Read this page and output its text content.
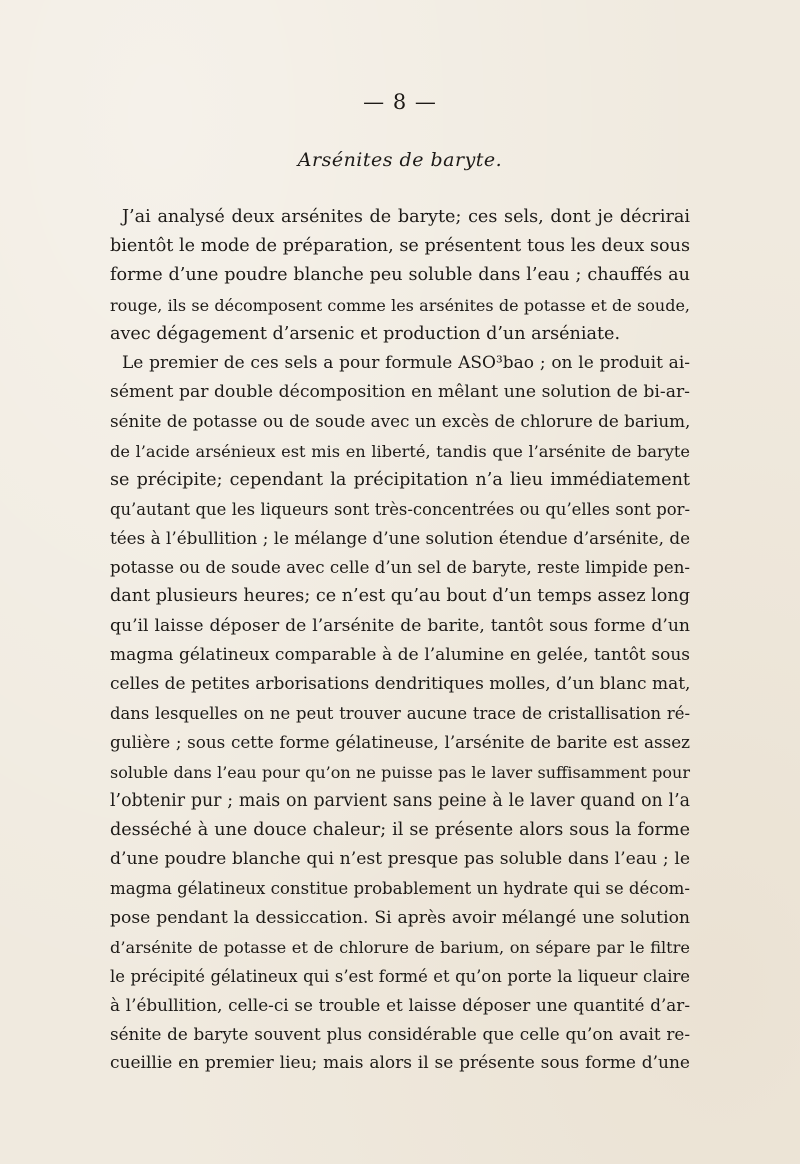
— 8 —
Arsénites de baryte.
J’ai analysé deux arsénites de baryte; ces sels, dont je décrirai
bientôt le mode de préparation, se présentent tous les deux sous
forme d’une poudre blanche peu soluble dans l’eau ; chauffés au
rouge, ils se décomposent comme les arsénites de potasse et de soude,
avec dégagement d’arsenic et production d’un arséniate.
Le premier de ces sels a pour formule ASO³bao ; on le produit ai-
sément par double décomposition en mêlant une solution de bi-ar-
sénite de potasse ou de soude avec un excès de chlorure de barium,
de l’acide arsénieux est mis en liberté, tandis que l’arsénite de baryte
se précipite; cependant la précipitation n’a lieu immédiatement
qu’autant que les liqueurs sont très-concentrées ou qu’elles sont por-
tées à l’ébullition ; le mélange d’une solution étendue d’arsénite, de
potasse ou de soude avec celle d’un sel de baryte, reste limpide pen-
dant plusieurs heures; ce n’est qu’au bout d’un temps assez long
qu’il laisse déposer de l’arsénite de barite, tantôt sous forme d’un
magma gélatineux comparable à de l’alumine en gelée, tantôt sous
celles de petites arborisations dendritiques molles, d’un blanc mat,
dans lesquelles on ne peut trouver aucune trace de cristallisation ré-
gulière ; sous cette forme gélatineuse, l’arsénite de barite est assez
soluble dans l’eau pour qu’on ne puisse pas le laver suffisamment pour
l’obtenir pur ; mais on parvient sans peine à le laver quand on l’a
desséché à une douce chaleur; il se présente alors sous la forme
d’une poudre blanche qui n’est presque pas soluble dans l’eau ; le
magma gélatineux constitue probablement un hydrate qui se décom-
pose pendant la dessiccation. Si après avoir mélangé une solution
d’arsénite de potasse et de chlorure de barium, on sépare par le filtre
le précipité gélatineux qui s’est formé et qu’on porte la liqueur claire
à l’ébullition, celle-ci se trouble et laisse déposer une quantité d’ar-
sénite de baryte souvent plus considérable que celle qu’on avait re-
cueillie en premier lieu; mais alors il se présente sous forme d’une
